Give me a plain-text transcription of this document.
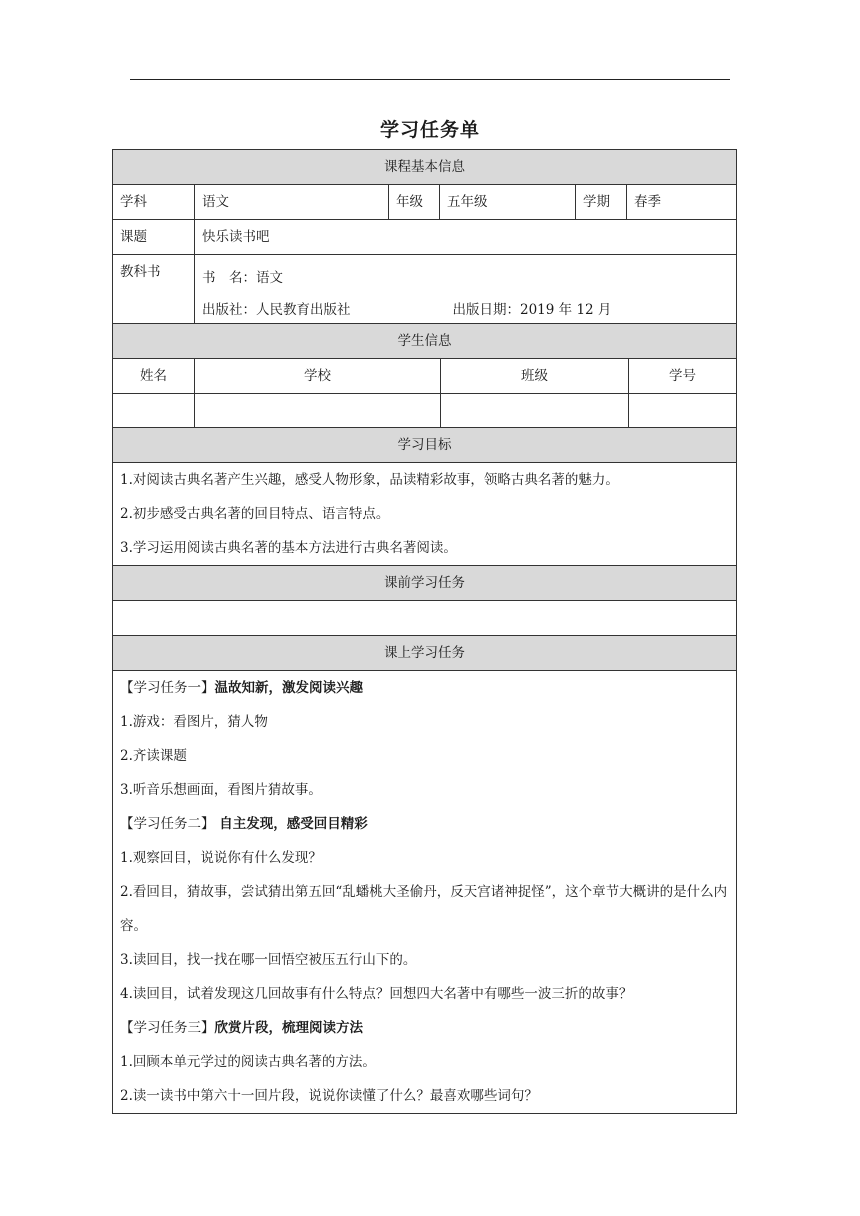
学习任务单
课程基本信息					
学科	语文	年级	五年级	学期	春季
课题	快乐读书吧				
教科书	书　名：语文
出版社：人民教育出版社 出版日期：2019 年 12 月				
学生信息			
姓名	学校	班级	学号

学习目标

1.对阅读古典名著产生兴趣，感受人物形象，品读精彩故事，领略古典名著的魅力。
2.初步感受古典名著的回目特点、语言特点。
3.学习运用阅读古典名著的基本方法进行古典名著阅读。

课前学习任务

课上学习任务

【学习任务一】温故知新，激发阅读兴趣
1.游戏：看图片，猜人物
2.齐读课题
3.听音乐想画面，看图片猜故事。
【学习任务二】 自主发现，感受回目精彩
1.观察回目，说说你有什么发现？
2.看回目，猜故事，尝试猜出第五回“乱蟠桃大圣偷丹，反天宫诸神捉怪”，这个章节大概讲的是什么内容。
3.读回目，找一找在哪一回悟空被压五行山下的。
4.读回目，试着发现这几回故事有什么特点？回想四大名著中有哪些一波三折的故事？
【学习任务三】欣赏片段，梳理阅读方法
1.回顾本单元学过的阅读古典名著的方法。
2.读一读书中第六十一回片段，说说你读懂了什么？最喜欢哪些词句？
